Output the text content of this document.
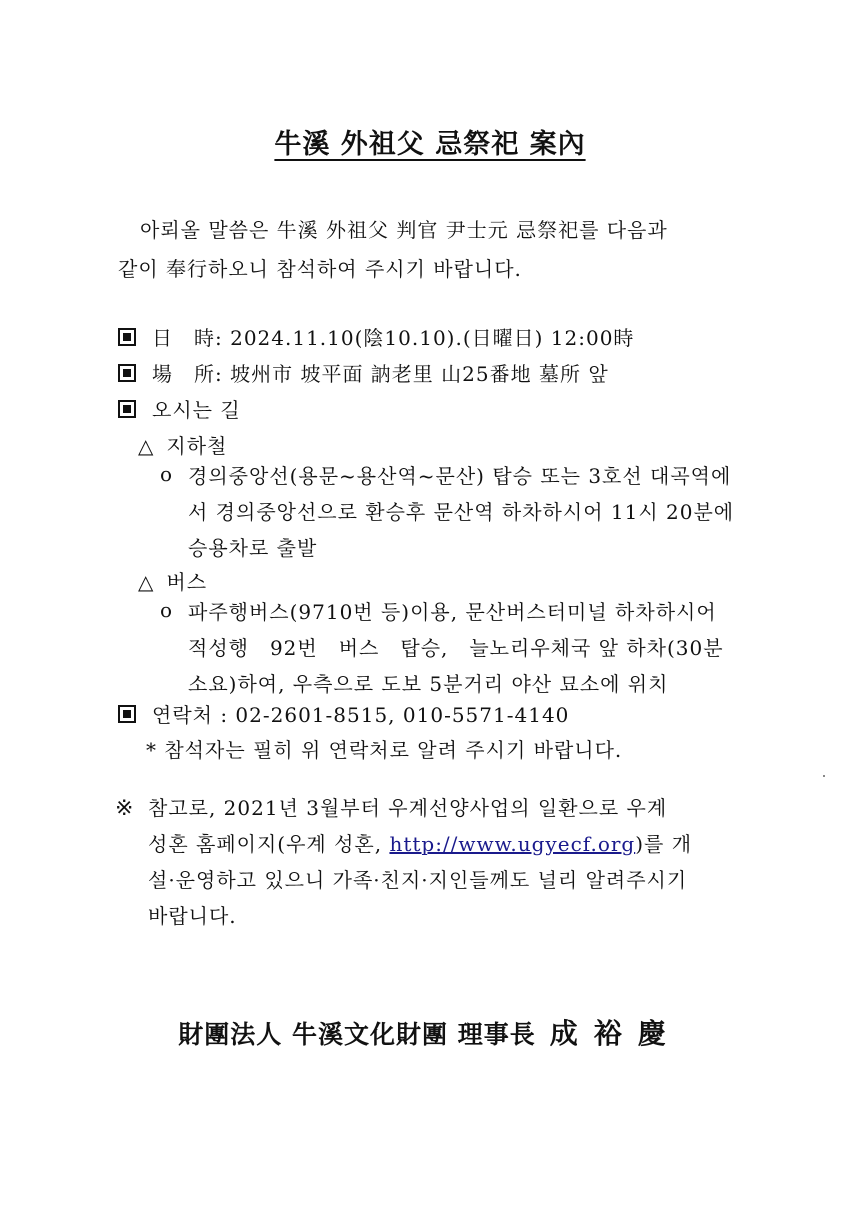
牛溪 外祖父 忌祭祀 案內
아뢰올 말씀은 牛溪 外祖父 判官 尹士元 忌祭祀를 다음과
같이 奉行하오니 참석하여 주시기 바랍니다.
日　時: 2024.11.10(陰10.10).(日曜日) 12:00時
場　所: 坡州市 坡平面 訥老里 山25番地 墓所 앞
오시는 길
△ 지하철
o 경의중앙선(용문~용산역~문산) 탑승 또는 3호선 대곡역에
서 경의중앙선으로 환승후 문산역 하차하시어 11시 20분에
승용차로 출발
△ 버스
o 파주행버스(9710번 등)이용, 문산버스터미널 하차하시어
적성행　92번　버스　탑승,　늘노리우체국 앞 하차(30분
소요)하여, 우측으로 도보 5분거리 야산 묘소에 위치
연락처 : 02-2601-8515, 010-5571-4140
* 참석자는 필히 위 연락처로 알려 주시기 바랍니다.
※ 참고로, 2021년 3월부터 우계선양사업의 일환으로 우계
성혼 홈페이지(우계 성혼, http://www.ugyecf.org)를 개
설·운영하고 있으니 가족·친지·지인들께도 널리 알려주시기
바랍니다.
財團法人 牛溪文化財團 理事長 成裕慶
